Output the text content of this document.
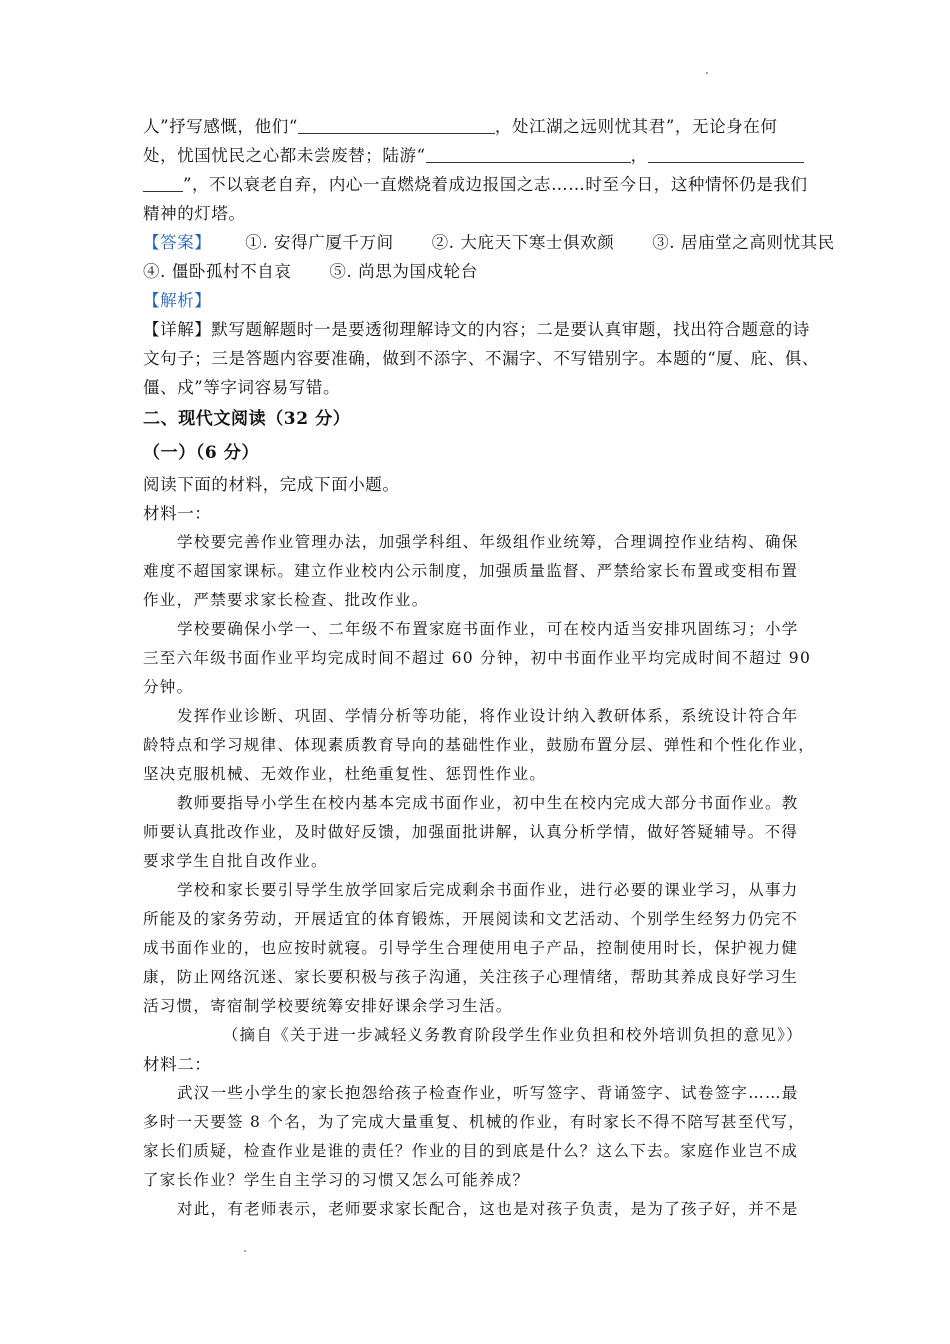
人”抒写感慨，他们“	，处江湖之远则忧其君”，无论身在何
处，忧国忧民之心都未尝废替；陆游“	，
”，不以衰老自弃，内心一直燃烧着成边报国之志……时至今日，这种情怀仍是我们
精神的灯塔。
【答案】 ①. 安得广厦千万间 ②. 大庇天下寒士俱欢颜 ③. 居庙堂之高则忧其民
④. 僵卧孤村不自哀 ⑤. 尚思为国戍轮台
【解析】
【详解】默写题解题时一是要透彻理解诗文的内容；二是要认真审题，找出符合题意的诗
文句子；三是答题内容要准确，做到不添字、不漏字、不写错别字。本题的“厦、庇、俱、
僵、戍”等字词容易写错。
二、现代文阅读（32 分）
（一）（6 分）
阅读下面的材料，完成下面小题。
材料一：
学校要完善作业管理办法，加强学科组、年级组作业统筹，合理调控作业结构、确保
难度不超国家课标。建立作业校内公示制度，加强质量监督、严禁给家长布置或变相布置
作业，严禁要求家长检查、批改作业。
学校要确保小学一、二年级不布置家庭书面作业，可在校内适当安排巩固练习；小学
三至六年级书面作业平均完成时间不超过 60 分钟，初中书面作业平均完成时间不超过 90
分钟。
发挥作业诊断、巩固、学情分析等功能，将作业设计纳入教研体系，系统设计符合年
龄特点和学习规律、体现素质教育导向的基础性作业，鼓励布置分层、弹性和个性化作业，
坚决克服机械、无效作业，杜绝重复性、惩罚性作业。
教师要指导小学生在校内基本完成书面作业，初中生在校内完成大部分书面作业。教
师要认真批改作业，及时做好反馈，加强面批讲解，认真分析学情，做好答疑辅导。不得
要求学生自批自改作业。
学校和家长要引导学生放学回家后完成剩余书面作业，进行必要的课业学习，从事力
所能及的家务劳动，开展适宜的体育锻炼，开展阅读和文艺活动、个别学生经努力仍完不
成书面作业的，也应按时就寝。引导学生合理使用电子产品，控制使用时长，保护视力健
康，防止网络沉迷、家长要积极与孩子沟通，关注孩子心理情绪，帮助其养成良好学习生
活习惯，寄宿制学校要统筹安排好课余学习生活。
（摘自《关于进一步减轻义务教育阶段学生作业负担和校外培训负担的意见》）
材料二：
武汉一些小学生的家长抱怨给孩子检查作业，听写签字、背诵签字、试卷签字……最
多时一天要签 8 个名，为了完成大量重复、机械的作业，有时家长不得不陪写甚至代写，
家长们质疑，检查作业是谁的责任？作业的目的到底是什么？这么下去。家庭作业岂不成
了家长作业？学生自主学习的习惯又怎么可能养成？
对此，有老师表示，老师要求家长配合，这也是对孩子负责，是为了孩子好，并不是
